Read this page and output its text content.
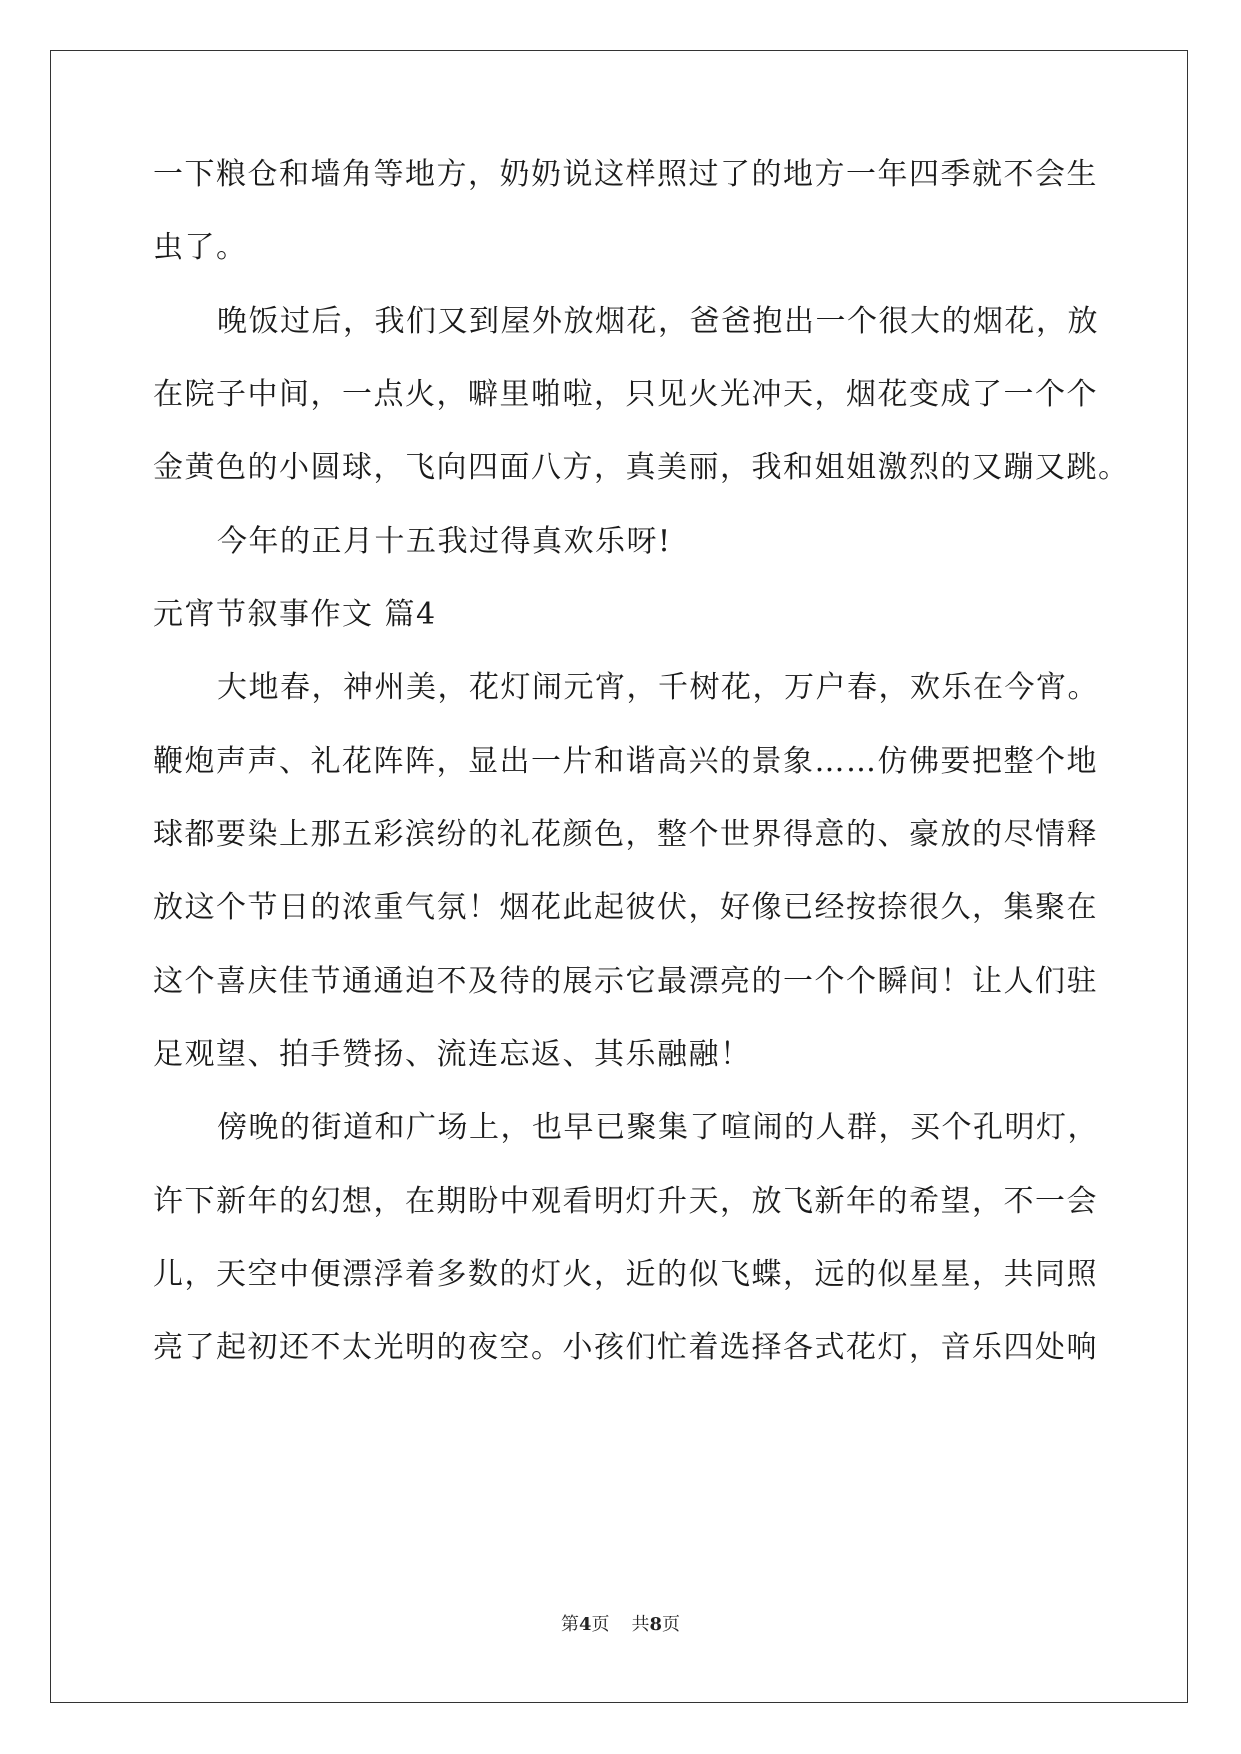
一下粮仓和墙角等地方，奶奶说这样照过了的地方一年四季就不会生
虫了。
晚饭过后，我们又到屋外放烟花，爸爸抱出一个很大的烟花，放
在院子中间，一点火，噼里啪啦，只见火光冲天，烟花变成了一个个
金黄色的小圆球，飞向四面八方，真美丽，我和姐姐激烈的又蹦又跳。
今年的正月十五我过得真欢乐呀!
元宵节叙事作文 篇4
大地春，神州美，花灯闹元宵，千树花，万户春，欢乐在今宵。
鞭炮声声、礼花阵阵，显出一片和谐高兴的景象……仿佛要把整个地
球都要染上那五彩滨纷的礼花颜色，整个世界得意的、豪放的尽情释
放这个节日的浓重气氛！烟花此起彼伏，好像已经按捺很久，集聚在
这个喜庆佳节通通迫不及待的展示它最漂亮的一个个瞬间！让人们驻
足观望、拍手赞扬、流连忘返、其乐融融！
傍晚的街道和广场上，也早已聚集了喧闹的人群，买个孔明灯，
许下新年的幻想，在期盼中观看明灯升天，放飞新年的希望，不一会
儿，天空中便漂浮着多数的灯火，近的似飞蝶，远的似星星，共同照
亮了起初还不太光明的夜空。小孩们忙着选择各式花灯，音乐四处响
第4页 共8页
